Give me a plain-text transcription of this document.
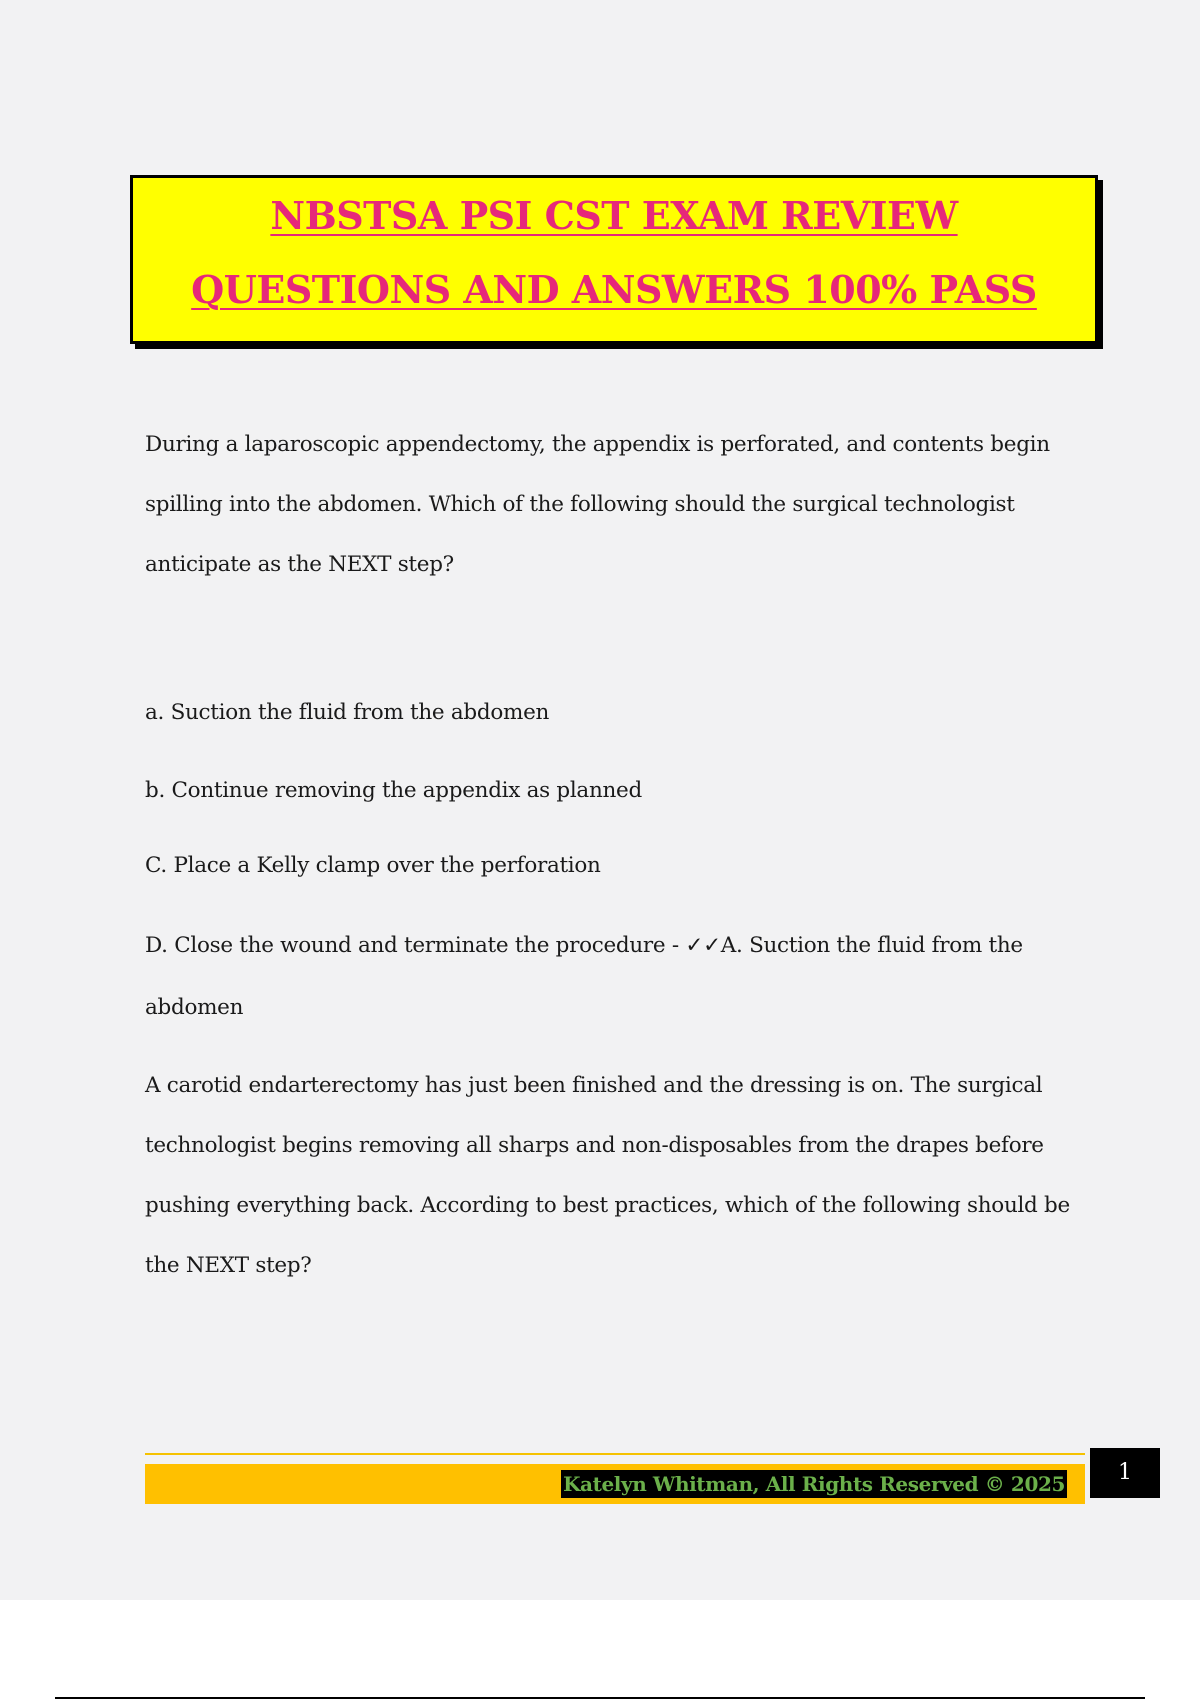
NBSTSA PSI CST EXAM REVIEW
QUESTIONS AND ANSWERS 100% PASS
During a laparoscopic appendectomy, the appendix is perforated, and contents begin
spilling into the abdomen. Which of the following should the surgical technologist
anticipate as the NEXT step?
a. Suction the fluid from the abdomen
b. Continue removing the appendix as planned
C. Place a Kelly clamp over the perforation
D. Close the wound and terminate the procedure - ✓✓A. Suction the fluid from the
abdomen
A carotid endarterectomy has just been finished and the dressing is on. The surgical
technologist begins removing all sharps and non-disposables from the drapes before
pushing everything back. According to best practices, which of the following should be
the NEXT step?
Katelyn Whitman, All Rights Reserved © 2025	1
